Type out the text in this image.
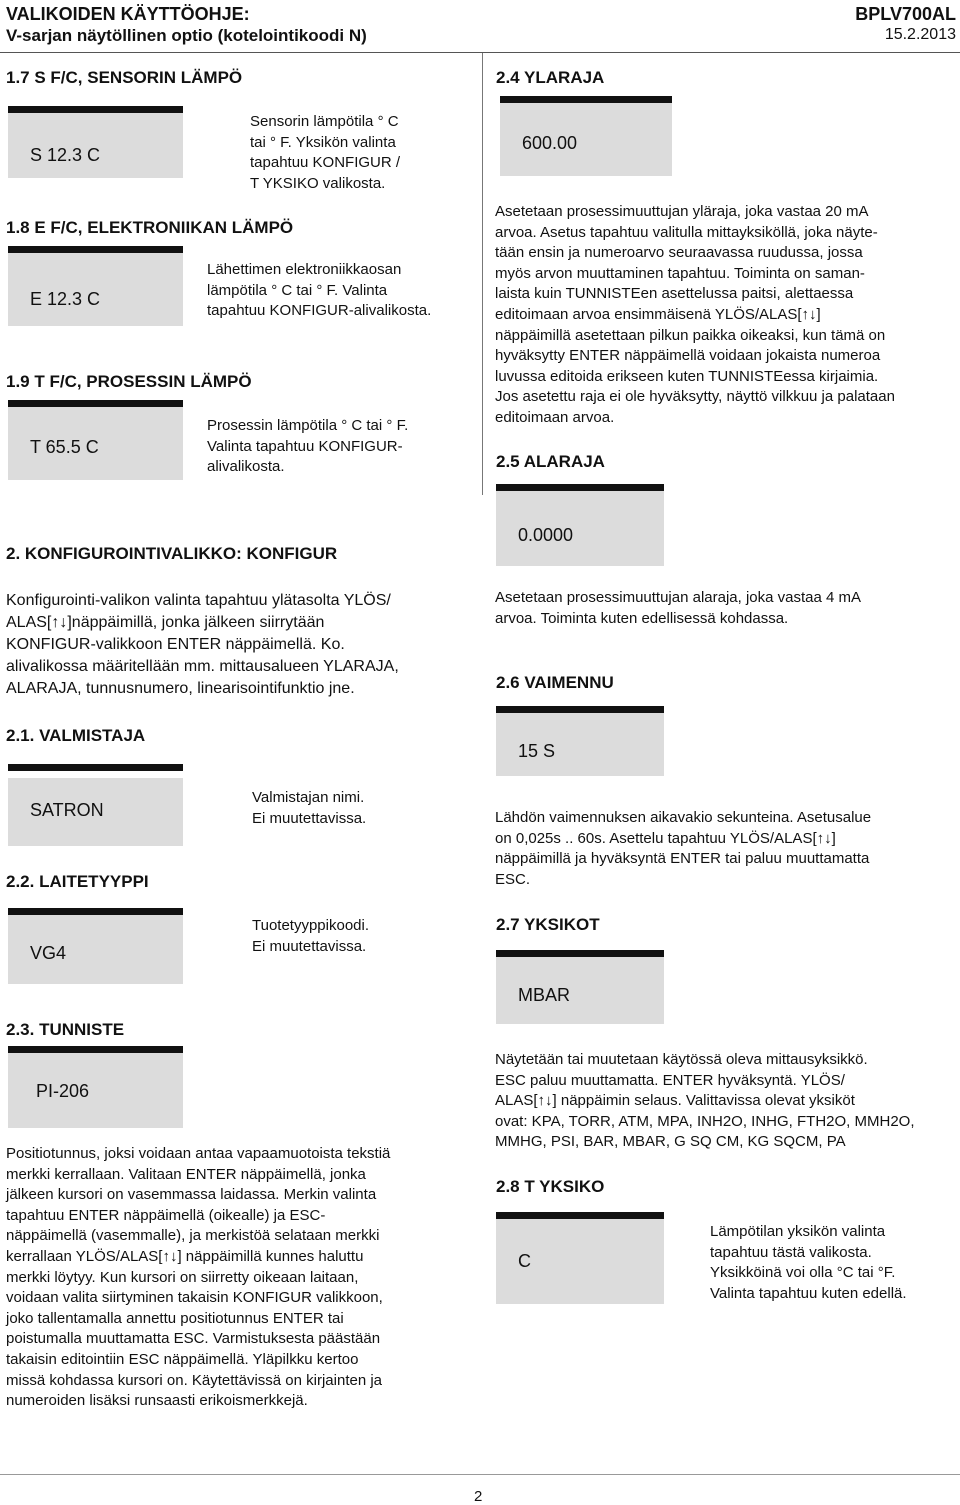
VALIKOIDEN KÄYTTÖOHJE:
V-sarjan näytöllinen optio (kotelointikoodi N)
BPLV700AL
15.2.2013
1.7 S F/C, SENSORIN LÄMPÖ
S 12.3 C
Sensorin lämpötila ° C
tai ° F. Yksikön valinta
tapahtuu KONFIGUR /
T YKSIKO valikosta.
1.8 E F/C, ELEKTRONIIKAN LÄMPÖ
E 12.3 C
Lähettimen elektroniikkaosan
lämpötila ° C tai ° F. Valinta
tapahtuu KONFIGUR-alivalikosta.
1.9 T F/C, PROSESSIN LÄMPÖ
T 65.5 C
Prosessin lämpötila ° C tai ° F.
Valinta tapahtuu KONFIGUR-
alivalikosta.
2. KONFIGUROINTIVALIKKO: KONFIGUR
Konfigurointi-valikon valinta tapahtuu ylätasolta YLÖS/
ALAS[↑↓]näppäimillä, jonka jälkeen siirrytään
KONFIGUR-valikkoon ENTER näppäimellä. Ko.
alivalikossa määritellään mm. mittausalueen YLARAJA,
ALARAJA, tunnusnumero, linearisointifunktio jne.
2.1. VALMISTAJA
SATRON
Valmistajan nimi.
Ei muutettavissa.
2.2. LAITETYYPPI
VG4
Tuotetyyppikoodi.
Ei muutettavissa.
2.3. TUNNISTE
PI-206
Positiotunnus, joksi voidaan antaa vapaamuotoista tekstiä
merkki kerrallaan. Valitaan ENTER näppäimellä, jonka
jälkeen kursori on vasemmassa laidassa. Merkin valinta
tapahtuu ENTER näppäimellä (oikealle) ja ESC-
näppäimellä (vasemmalle), ja merkistöä selataan merkki
kerrallaan YLÖS/ALAS[↑↓] näppäimillä kunnes haluttu
merkki löytyy. Kun kursori on siirretty oikeaan laitaan,
voidaan valita siirtyminen takaisin KONFIGUR valikkoon,
joko tallentamalla annettu positiotunnus ENTER tai
poistumalla muuttamatta ESC. Varmistuksesta päästään
takaisin editointiin ESC näppäimellä. Yläpilkku kertoo
missä kohdassa kursori on. Käytettävissä on kirjainten ja
numeroiden lisäksi runsaasti erikoismerkkejä.
2.4 YLARAJA
600.00
Asetetaan prosessimuuttujan yläraja, joka vastaa 20 mA
arvoa. Asetus tapahtuu valitulla mittayksiköllä, joka näyte-
tään ensin ja numeroarvo seuraavassa ruudussa, jossa
myös arvon muuttaminen tapahtuu. Toiminta on saman-
laista kuin TUNNISTEen asettelussa paitsi, alettaessa
editoimaan arvoa ensimmäisenä YLÖS/ALAS[↑↓]
näppäimillä asetettaan pilkun paikka oikeaksi, kun tämä on
hyväksytty ENTER näppäimellä voidaan jokaista numeroa
luvussa editoida erikseen kuten TUNNISTEessa kirjaimia.
Jos asetettu raja ei ole hyväksytty, näyttö vilkkuu ja palataan
editoimaan arvoa.
2.5 ALARAJA
0.0000
Asetetaan prosessimuuttujan alaraja, joka vastaa 4 mA
arvoa. Toiminta kuten edellisessä kohdassa.
2.6 VAIMENNU
15 S
Lähdön vaimennuksen aikavakio sekunteina. Asetusalue
on 0,025s .. 60s. Asettelu tapahtuu YLÖS/ALAS[↑↓]
näppäimillä ja hyväksyntä ENTER tai paluu muuttamatta
ESC.
2.7 YKSIKOT
MBAR
Näytetään tai muutetaan käytössä oleva mittausyksikkö.
ESC paluu muuttamatta. ENTER hyväksyntä. YLÖS/
ALAS[↑↓] näppäimin selaus. Valittavissa olevat yksiköt
ovat: KPA, TORR, ATM, MPA, INH2O, INHG, FTH2O, MMH2O,
MMHG, PSI, BAR, MBAR, G SQ CM, KG SQCM, PA
2.8 T YKSIKO
C
Lämpötilan yksikön valinta
tapahtuu tästä valikosta.
Yksikköinä voi olla °C tai °F.
Valinta tapahtuu kuten edellä.
2
